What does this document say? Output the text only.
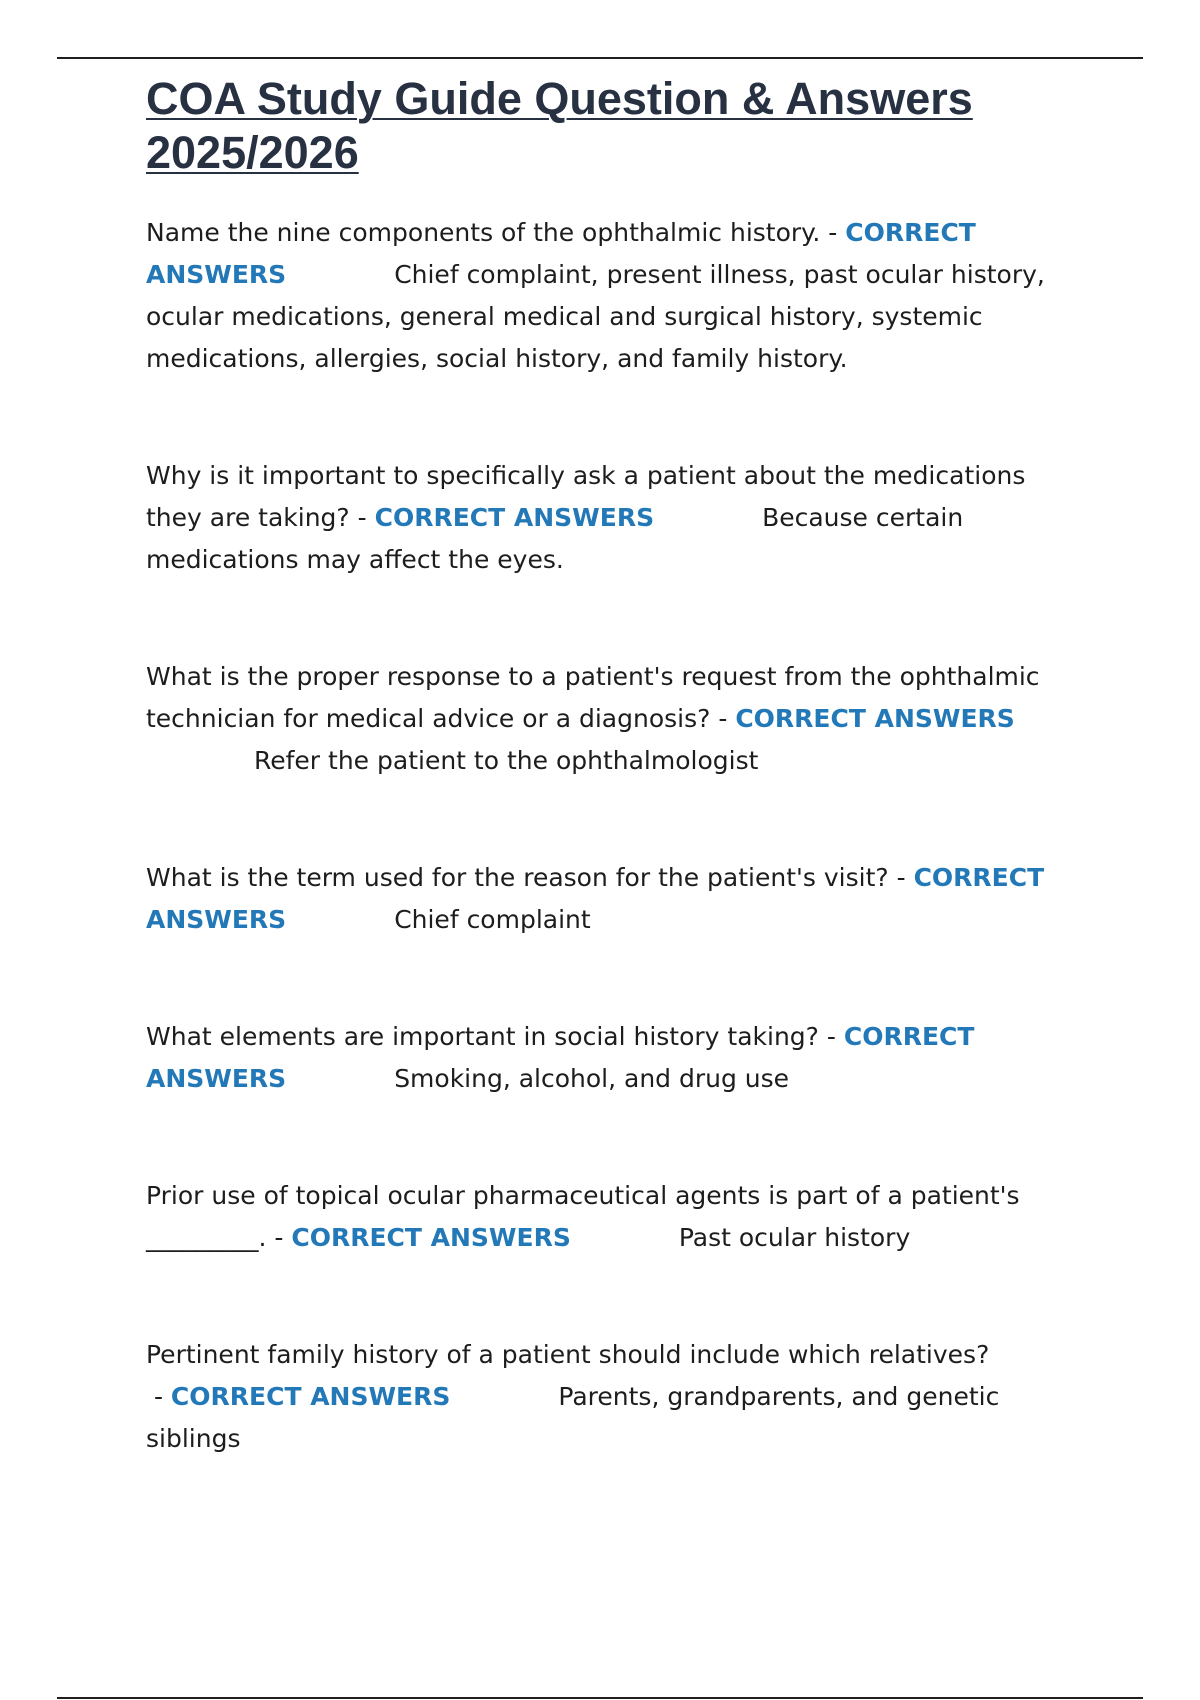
COA Study Guide Question & Answers 2025/2026

Name the nine components of the ophthalmic history. - CORRECT ANSWERS	Chief complaint, present illness, past ocular history, ocular medications, general medical and surgical history, systemic medications, allergies, social history, and family history.

Why is it important to specifically ask a patient about the medications they are taking? - CORRECT ANSWERS	Because certain medications may affect the eyes.

What is the proper response to a patient's request from the ophthalmic technician for medical advice or a diagnosis? - CORRECT ANSWERSRefer the patient to the ophthalmologist

What is the term used for the reason for the patient's visit? - CORRECT ANSWERS	Chief complaint

What elements are important in social history taking? - CORRECT ANSWERS	Smoking, alcohol, and drug use

Prior use of topical ocular pharmaceutical agents is part of a patient's _________. - CORRECT ANSWERS	Past ocular history

Pertinent family history of a patient should include which relatives? - CORRECT ANSWERS	Parents, grandparents, and genetic siblings
